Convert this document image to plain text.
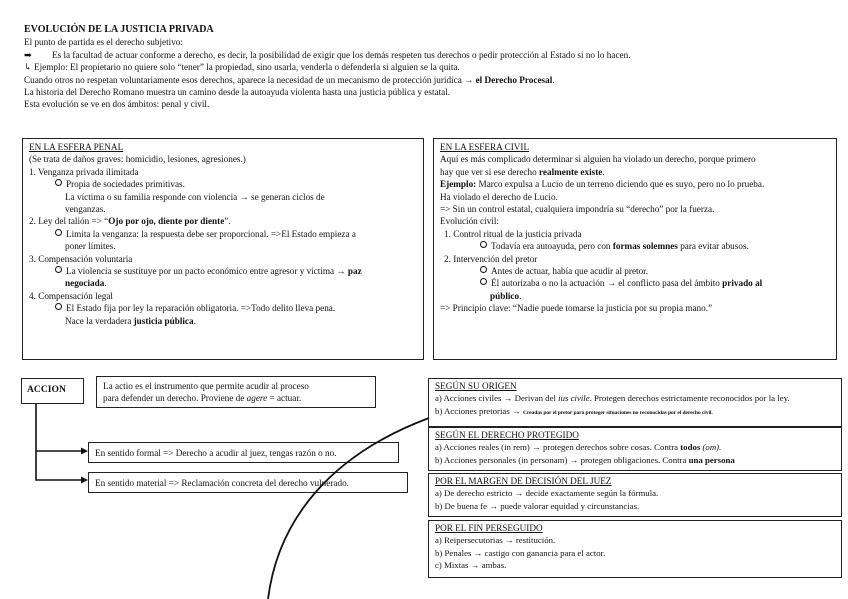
EVOLUCIÓN DE LA JUSTICIA PRIVADA
El punto de partida es el derecho subjetivo:
➡ Es la facultad de actuar conforme a derecho, es decir, la posibilidad de exigir que los demás respeten tus derechos o pedir protección al Estado si no lo hacen.
↳ Ejemplo: El propietario no quiere solo “tener” la propiedad, sino usarla, venderla o defenderla si alguien se la quita.
Cuando otros no respetan voluntariamente esos derechos, aparece la necesidad de un mecanismo de protección jurídica → el Derecho Procesal.
La historia del Derecho Romano muestra un camino desde la autoayuda violenta hasta una justicia pública y estatal.
Esta evolución se ve en dos ámbitos: penal y civil.
EN LA ESFERA PENAL
(Se trata de daños graves: homicidio, lesiones, agresiones.)
1. Venganza privada ilimitada
Propia de sociedades primitivas.
La víctima o su familia responde con violencia → se generan ciclos de
venganzas.
2. Ley del talión => “Ojo por ojo, diente por diente”.
Limita la venganza: la respuesta debe ser proporcional. =>El Estado empieza a
poner límites.
3. Compensación voluntaria
La violencia se sustituye por un pacto económico entre agresor y víctima → paz
negociada.
4. Compensación legal
El Estado fija por ley la reparación obligatoria. =>Todo delito lleva pena.
Nace la verdadera justicia pública.
EN LA ESFERA CIVIL
Aquí es más complicado determinar si alguien ha violado un derecho, porque primero
hay que ver si ese derecho realmente existe.
Ejemplo: Marco expulsa a Lucio de un terreno diciendo que es suyo, pero no lo prueba.
Ha violado el derecho de Lucio.
=> Sin un control estatal, cualquiera impondría su “derecho” por la fuerza.
Evolución civil:
1. Control ritual de la justicia privada
Todavía era autoayuda, pero con formas solemnes para evitar abusos.
2. Intervención del pretor
Antes de actuar, había que acudir al pretor.
Él autorizaba o no la actuación → el conflicto pasa del ámbito privado al
público.
=> Principio clave: “Nadie puede tomarse la justicia por su propia mano.”
ACCION	La actio es el instrumento que permite acudir al proceso
para defender un derecho. Proviene de agere = actuar.
En sentido formal => Derecho a acudir al juez, tengas razón o no.
En sentido material => Reclamación concreta del derecho vulnerado.
SEGÚN SU ORIGEN
a) Acciones civiles → Derivan del ius civile. Protegen derechos estrictamente reconocidos por la ley.
b) Acciones pretorias → Creadas por el pretor para proteger situaciones no reconocidas por el derecho civil.
SEGÚN EL DERECHO PROTEGIDO
a) Acciones reales (in rem) → protegen derechos sobre cosas. Contra todos (om).
b) Acciones personales (in personam) → protegen obligaciones. Contra una persona
POR EL MARGEN DE DECISIÓN DEL JUEZ
a) De derecho estricto → decide exactamente según la fórmula.
b) De buena fe → puede valorar equidad y circunstancias.
POR EL FIN PERSEGUIDO
a) Reipersecutorias → restitución.
b) Penales → castigo con ganancia para el actor.
c) Mixtas → ambas.
